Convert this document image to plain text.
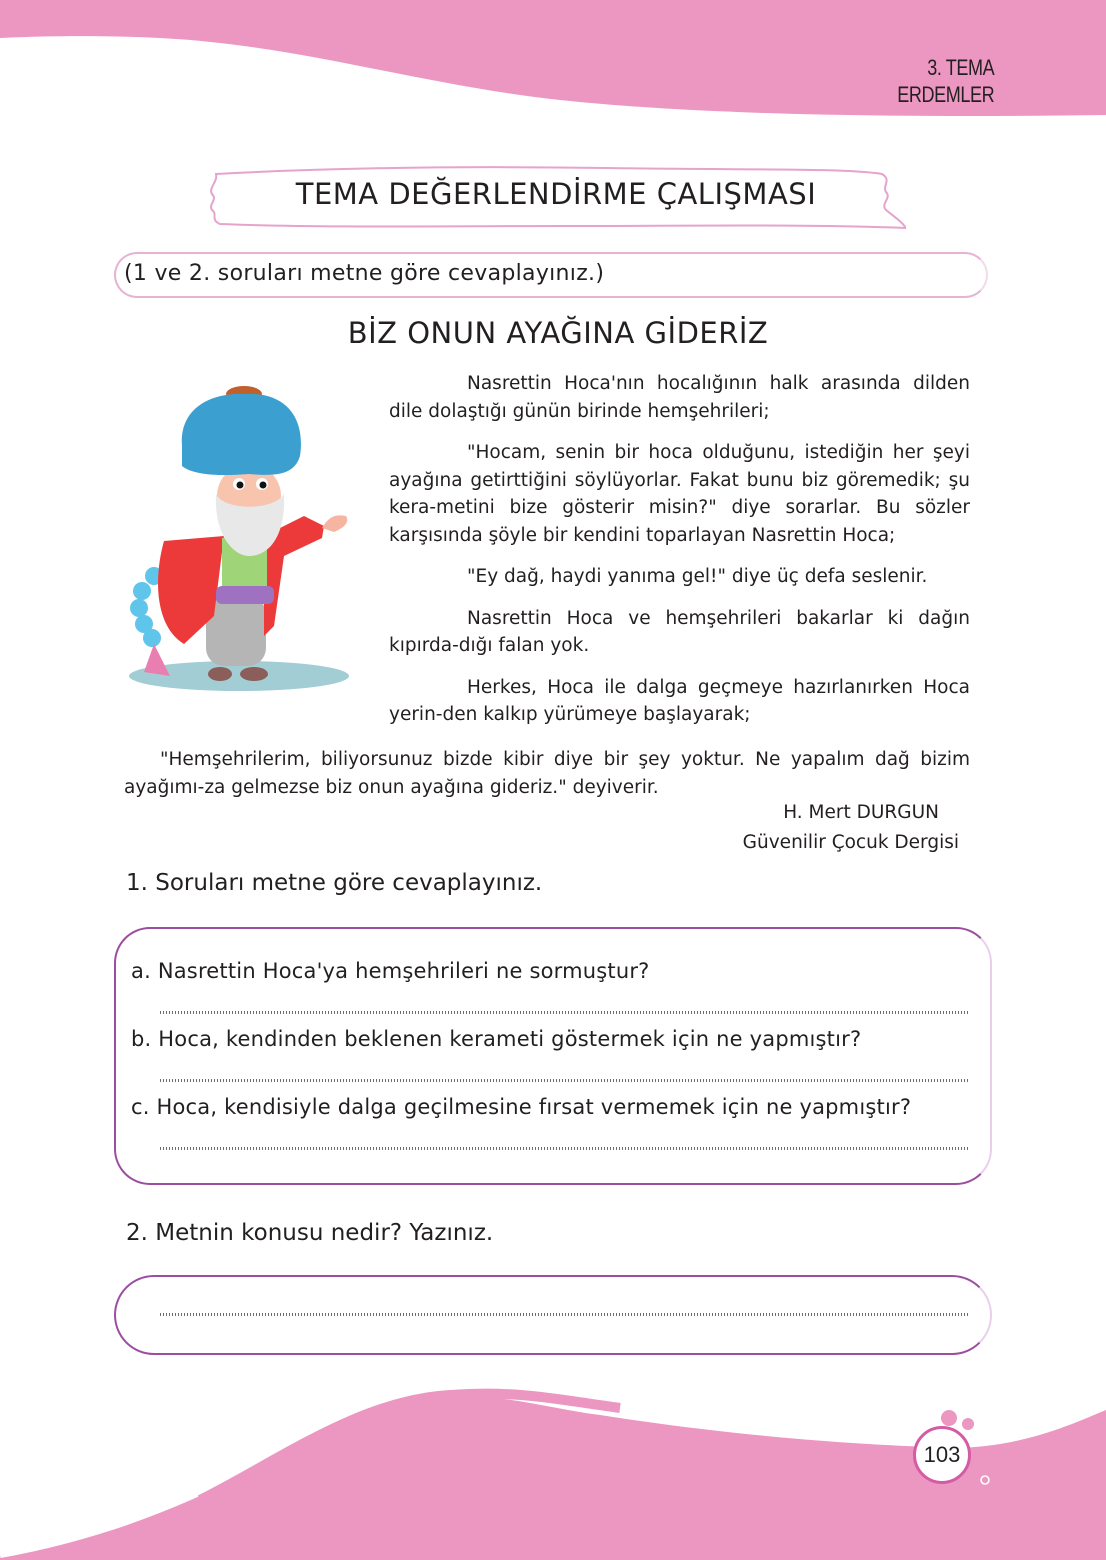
3. TEMA
ERDEMLER
TEMA DEĞERLENDİRME ÇALIŞMASI
(1 ve 2. soruları metne göre cevaplayınız.)
BİZ ONUN AYAĞINA GİDERİZ

Nasrettin Hoca'nın hocalığının halk arasında dilden dile dolaştığı günün birinde hemşehrileri;

"Hocam, senin bir hoca olduğunu, istediğin her şeyi ayağına getirttiğini söylüyorlar. Fakat bunu biz göremedik; şu kera-metini bize gösterir misin?" diye sorarlar. Bu sözler karşısında şöyle bir kendini toparlayan Nasrettin Hoca;

"Ey dağ, haydi yanıma gel!" diye üç defa seslenir.

Nasrettin Hoca ve hemşehrileri bakarlar ki dağın kıpırda-dığı falan yok.

Herkes, Hoca ile dalga geçmeye hazırlanırken Hoca yerin-den kalkıp yürümeye başlayarak;

"Hemşehrilerim, biliyorsunuz bizde kibir diye bir şey yoktur. Ne yapalım dağ bizim ayağımı-za gelmezse biz onun ayağına gideriz." deyiverir.

H. Mert DURGUN
Güvenilir Çocuk Dergisi
1. Soruları metne göre cevaplayınız.
a. Nasrettin Hoca'ya hemşehrileri ne sormuştur?
b. Hoca, kendinden beklenen kerameti göstermek için ne yapmıştır?
c. Hoca, kendisiyle dalga geçilmesine fırsat vermemek için ne yapmıştır?
2. Metnin konusu nedir? Yazınız.
103
